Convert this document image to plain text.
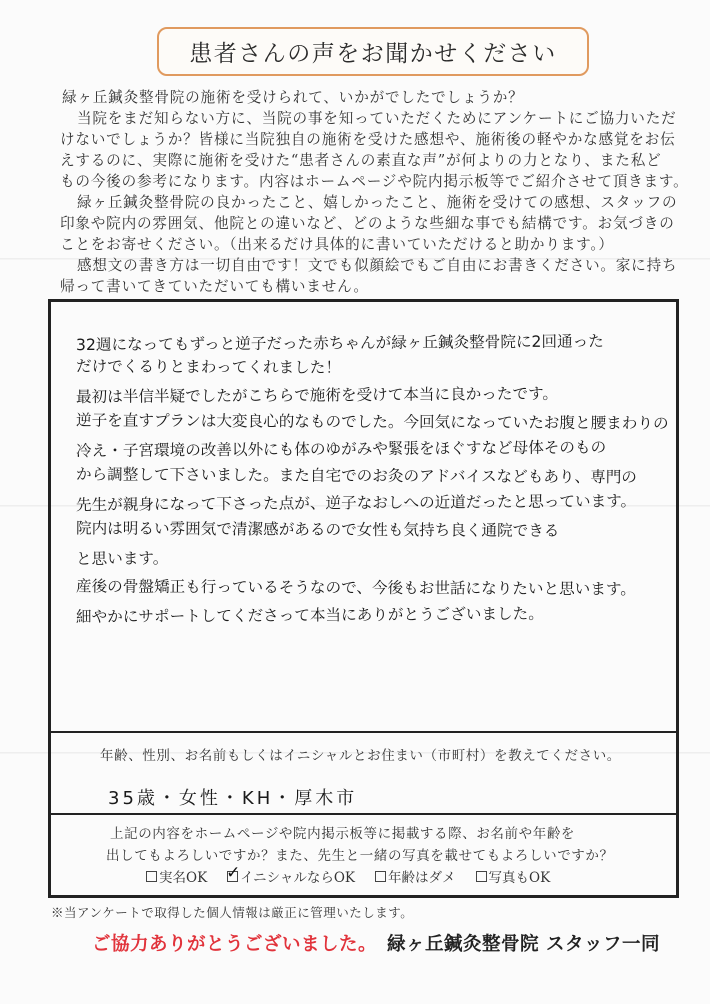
患者さんの声をお聞かせください

緑ヶ丘鍼灸整骨院の施術を受けられて、いかがでしたでしょうか？

当院をまだ知らない方に、当院の事を知っていただくためにアンケートにご協力いただ

けないでしょうか？皆様に当院独自の施術を受けた感想や、施術後の軽やかな感覚をお伝

えするのに、実際に施術を受けた“患者さんの素直な声”が何よりの力となり、また私ど

もの今後の参考になります。内容はホームページや院内掲示板等でご紹介させて頂きます。

緑ヶ丘鍼灸整骨院の良かったこと、嬉しかったこと、施術を受けての感想、スタッフの

印象や院内の雰囲気、他院との違いなど、どのような些細な事でも結構です。お気づきの

ことをお寄せください。（出来るだけ具体的に書いていただけると助かります。）

感想文の書き方は一切自由です！文でも似顔絵でもご自由にお書きください。家に持ち

帰って書いてきていただいても構いません。

32週になってもずっと逆子だった赤ちゃんが緑ヶ丘鍼灸整骨院に2回通った

だけでくるりとまわってくれました！

最初は半信半疑でしたがこちらで施術を受けて本当に良かったです。

逆子を直すプランは大変良心的なものでした。今回気になっていたお腹と腰まわりの

冷え・子宮環境の改善以外にも体のゆがみや緊張をほぐすなど母体そのもの

から調整して下さいました。また自宅でのお灸のアドバイスなどもあり、専門の

先生が親身になって下さった点が、逆子なおしへの近道だったと思っています。

院内は明るい雰囲気で清潔感があるので女性も気持ち良く通院できる

と思います。

産後の骨盤矯正も行っているそうなので、今後もお世話になりたいと思います。

細やかにサポートしてくださって本当にありがとうございました。

年齢、性別、お名前もしくはイニシャルとお住まい（市町村）を教えてください。
35歳・女性・KH・厚木市

上記の内容をホームページや院内掲示板等に掲載する際、お名前や年齢を

出してもよろしいですか？また、先生と一緒の写真を載せてもよろしいですか？

実名OK ✓ イニシャルならOK 年齢はダメ 写真もOK
※当アンケートで取得した個人情報は厳正に管理いたします。
ご協力ありがとうございました。 緑ヶ丘鍼灸整骨院 スタッフ一同
